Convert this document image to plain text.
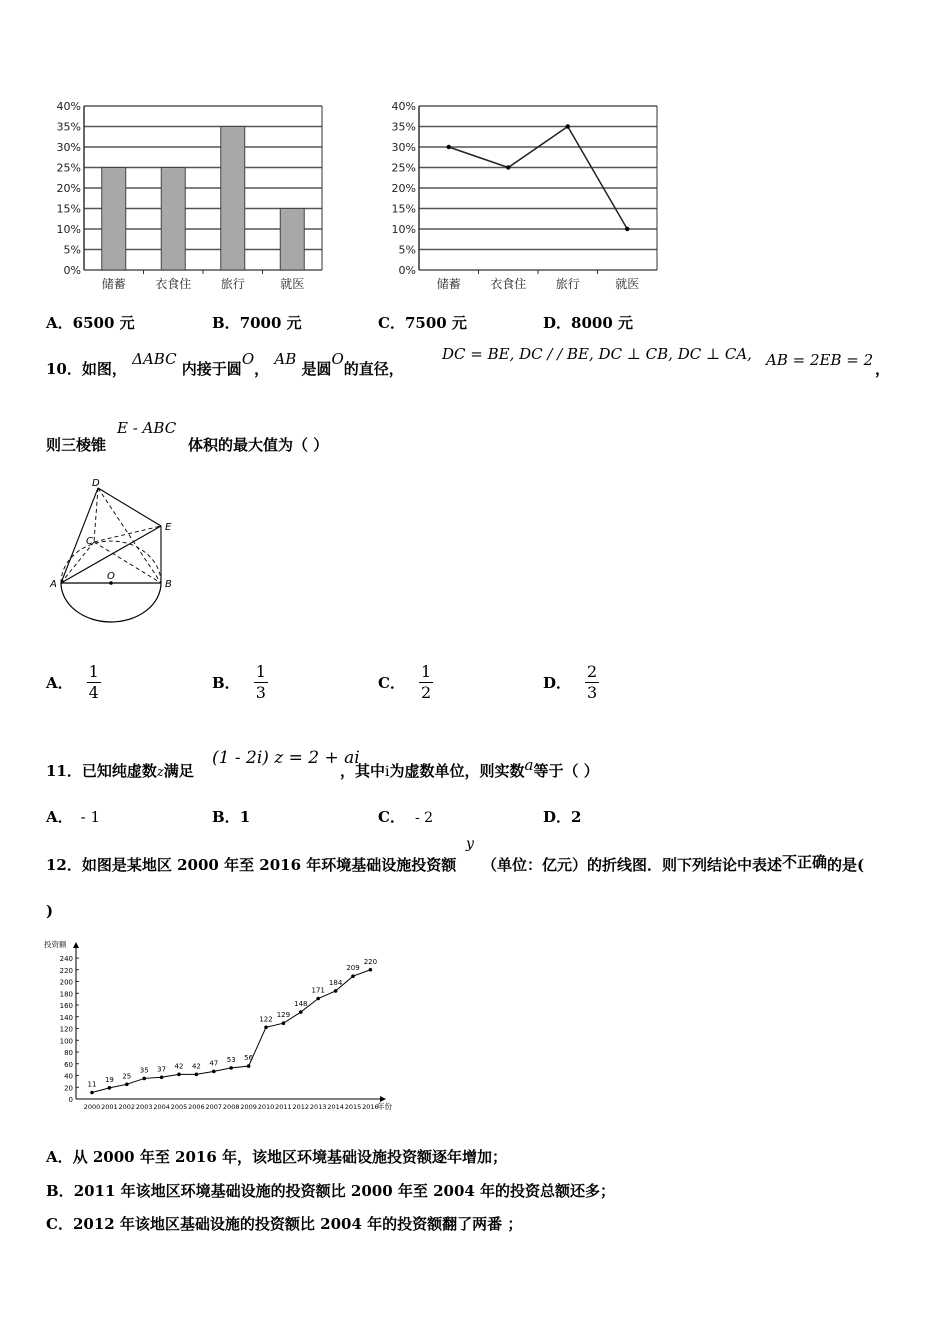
0%
5%
10%
15%
20%
25%
30%
35%
40%
储蓄 衣食住 旅行	就医
0%
5%
10%
15%
20%
25%
30%
35%
40%
储蓄 衣食住 旅行	就医
A．6500 元	B．7000 元	C．7500 元	D．8000 元
10．如图， ΔABC 内接于圆O， AB 是圆O的直径，
DC = BE, DC / / BE, DC ⊥ CB, DC ⊥ CA, AB = 2EB = 2 ，
则三棱锥
E - ABC
体积的最大值为（ ）
D
E
C
A
O
B
A． $\frac{1}{4}$	B． $\frac{1}{3}$	C． $\frac{1}{2}$	D． $\frac{2}{3}$
11．已知纯虚数z满足
(1 - 2i) z = 2 + ai
，其中i为虚数单位，则实数a等于（ ）
A． - 1	B．1	C． - 2	D．2
12．如图是某地区 2000 年至 2016 年环境基础设施投资额
y
（单位：亿元）的折线图．则下列结论中表述不正确的是(
)
投资额
年份
0
20
40
60
80
100
120
140
160
180
200
220
240
2000 2001 2002 2003 2004 2005 2006 2007 2008 2009 2010 2011 2012 2013 2014 2015 2016
11
19 25
35 37 42 42 47 53 56
122
129
148
171
184
209
220
A．从 2000 年至 2016 年，该地区环境基础设施投资额逐年增加；
B．2011 年该地区环境基础设施的投资额比 2000 年至 2004 年的投资总额还多；
C．2012 年该地区基础设施的投资额比 2004 年的投资额翻了两番 ；
